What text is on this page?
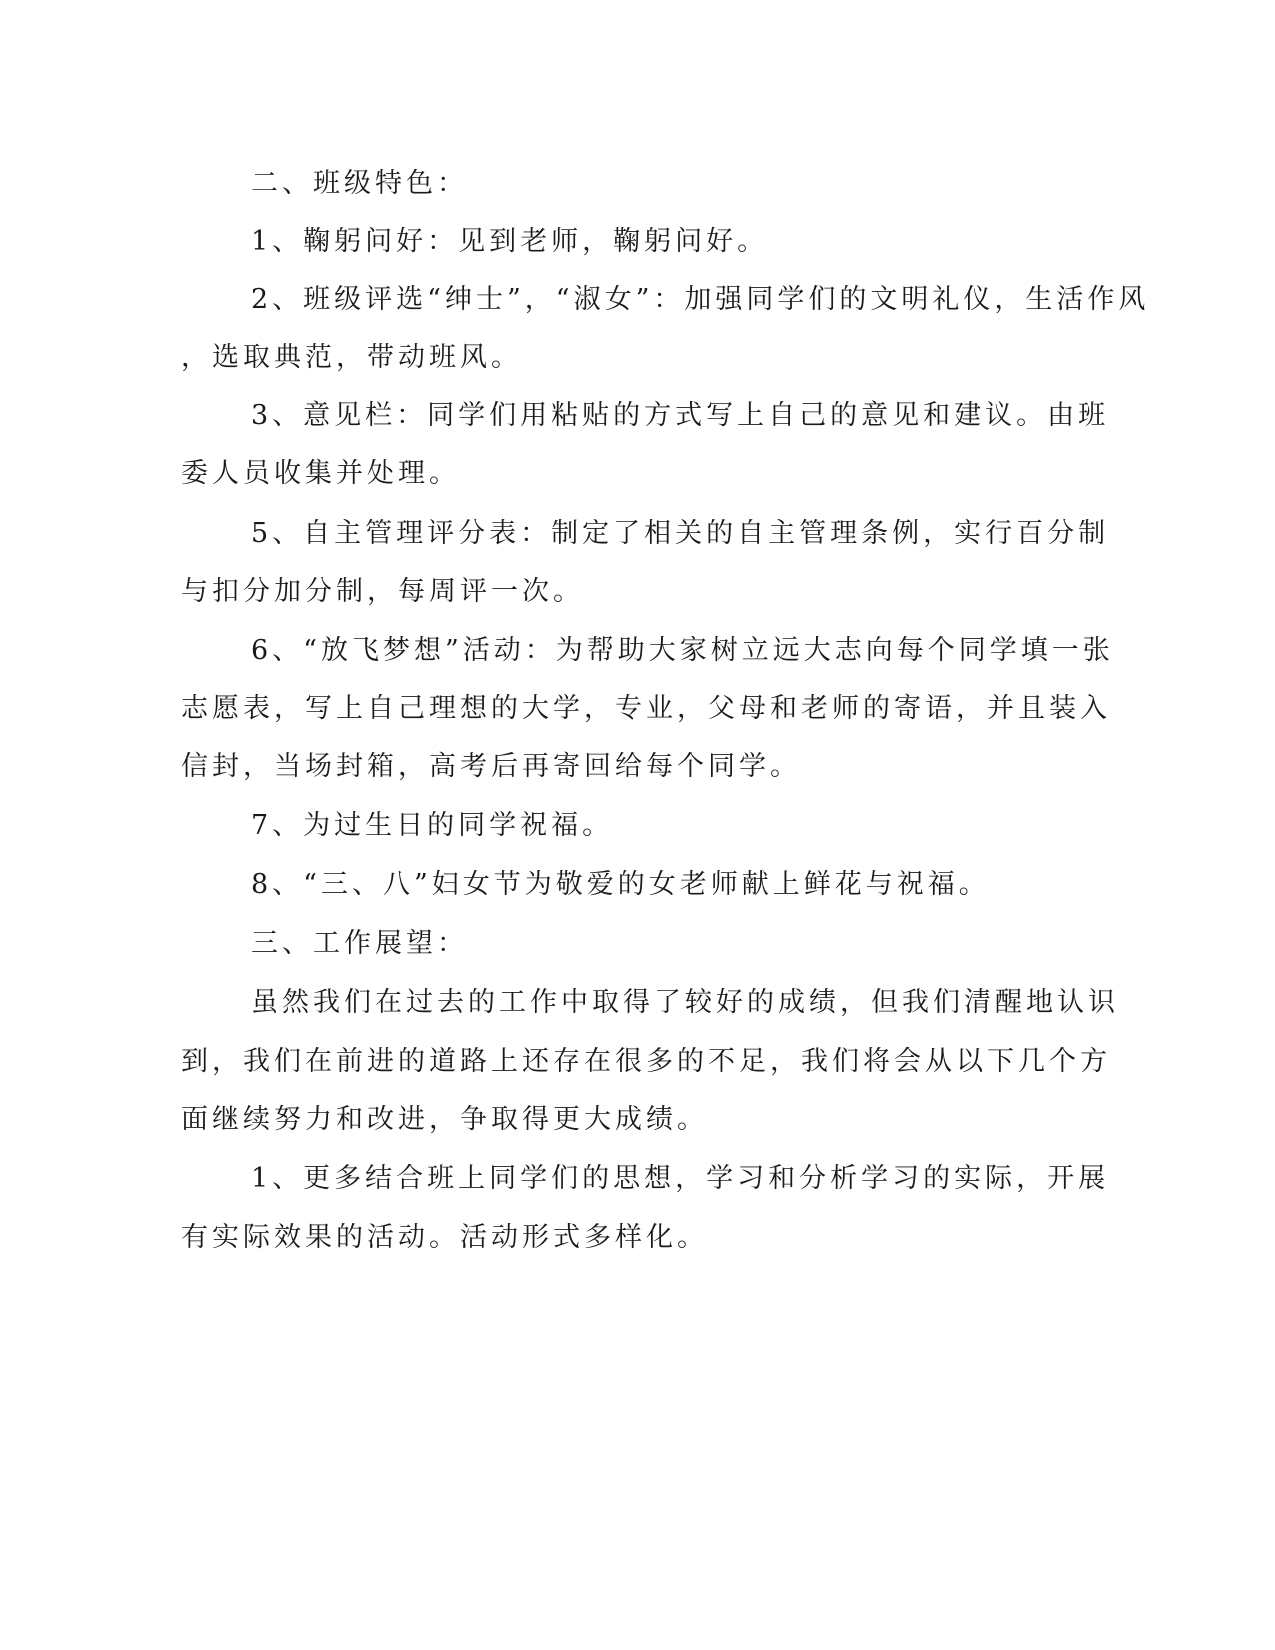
二、班级特色：
1、鞠躬问好：见到老师，鞠躬问好。
2、班级评选“绅士”，“淑女”：加强同学们的文明礼仪，生活作风
，选取典范，带动班风。
3、意见栏：同学们用粘贴的方式写上自己的意见和建议。由班
委人员收集并处理。
5、自主管理评分表：制定了相关的自主管理条例，实行百分制
与扣分加分制，每周评一次。
6、“放飞梦想”活动：为帮助大家树立远大志向每个同学填一张
志愿表，写上自己理想的大学，专业，父母和老师的寄语，并且装入
信封，当场封箱，高考后再寄回给每个同学。
7、为过生日的同学祝福。
8、“三、八”妇女节为敬爱的女老师献上鲜花与祝福。
三、工作展望：
虽然我们在过去的工作中取得了较好的成绩，但我们清醒地认识
到，我们在前进的道路上还存在很多的不足，我们将会从以下几个方
面继续努力和改进，争取得更大成绩。
1、更多结合班上同学们的思想，学习和分析学习的实际，开展
有实际效果的活动。活动形式多样化。
